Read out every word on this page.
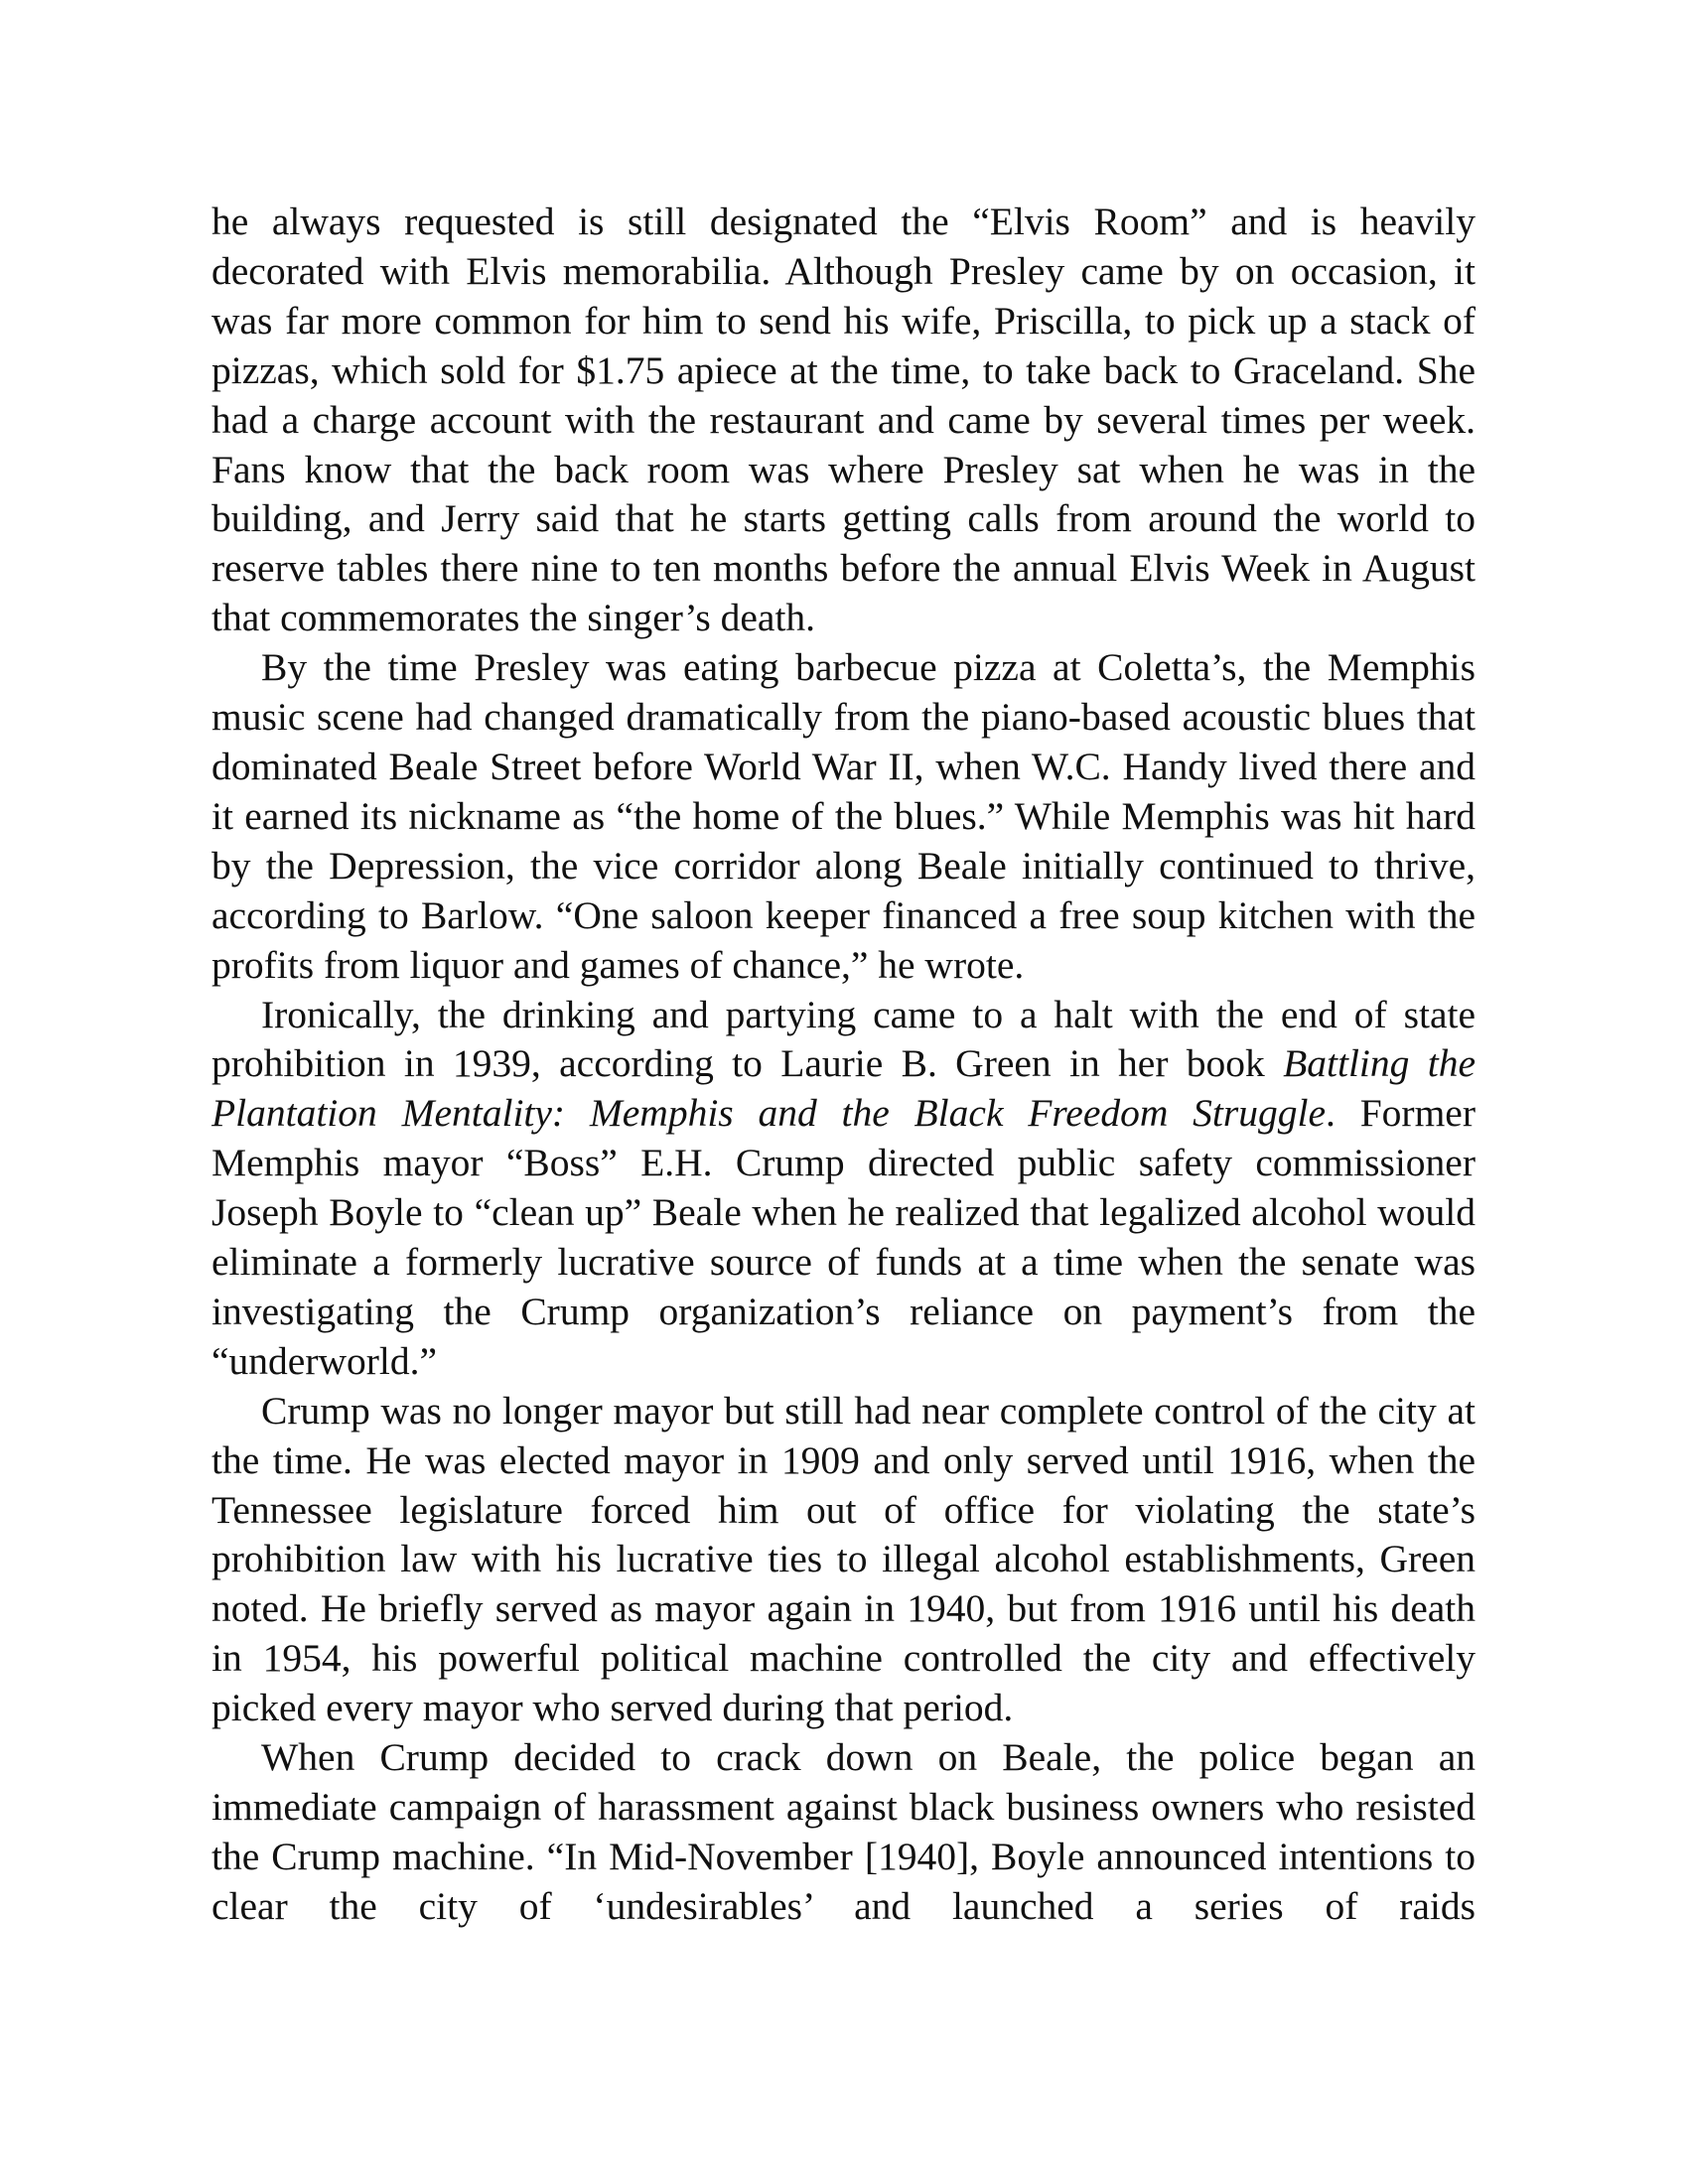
he always requested is still designated the “Elvis Room” and is heavily decorated with Elvis memorabilia. Although Presley came by on occasion, it was far more common for him to send his wife, Priscilla, to pick up a stack of pizzas, which sold for $1.75 apiece at the time, to take back to Graceland. She had a charge account with the restaurant and came by several times per week. Fans know that the back room was where Presley sat when he was in the building, and Jerry said that he starts getting calls from around the world to reserve tables there nine to ten months before the annual Elvis Week in August that commemorates the singer’s death.

By the time Presley was eating barbecue pizza at Coletta’s, the Memphis music scene had changed dramatically from the piano-based acoustic blues that dominated Beale Street before World War II, when W.C. Handy lived there and it earned its nickname as “the home of the blues.” While Memphis was hit hard by the Depression, the vice corridor along Beale initially continued to thrive, according to Barlow. “One saloon keeper financed a free soup kitchen with the profits from liquor and games of chance,” he wrote.

Ironically, the drinking and partying came to a halt with the end of state prohibition in 1939, according to Laurie B. Green in her book Battling the Plantation Mentality: Memphis and the Black Freedom Struggle. Former Memphis mayor “Boss” E.H. Crump directed public safety commissioner Joseph Boyle to “clean up” Beale when he realized that legalized alcohol would eliminate a formerly lucrative source of funds at a time when the senate was investigating the Crump organization’s reliance on payment’s from the “underworld.”

Crump was no longer mayor but still had near complete control of the city at the time. He was elected mayor in 1909 and only served until 1916, when the Tennessee legislature forced him out of office for violating the state’s prohibition law with his lucrative ties to illegal alcohol establishments, Green noted. He briefly served as mayor again in 1940, but from 1916 until his death in 1954, his powerful political machine controlled the city and effectively picked every mayor who served during that period.

When Crump decided to crack down on Beale, the police began an immediate campaign of harassment against black business owners who resisted the Crump machine. “In Mid-November [1940], Boyle announced intentions to clear the city of ‘undesirables’ and launched a series of raids
